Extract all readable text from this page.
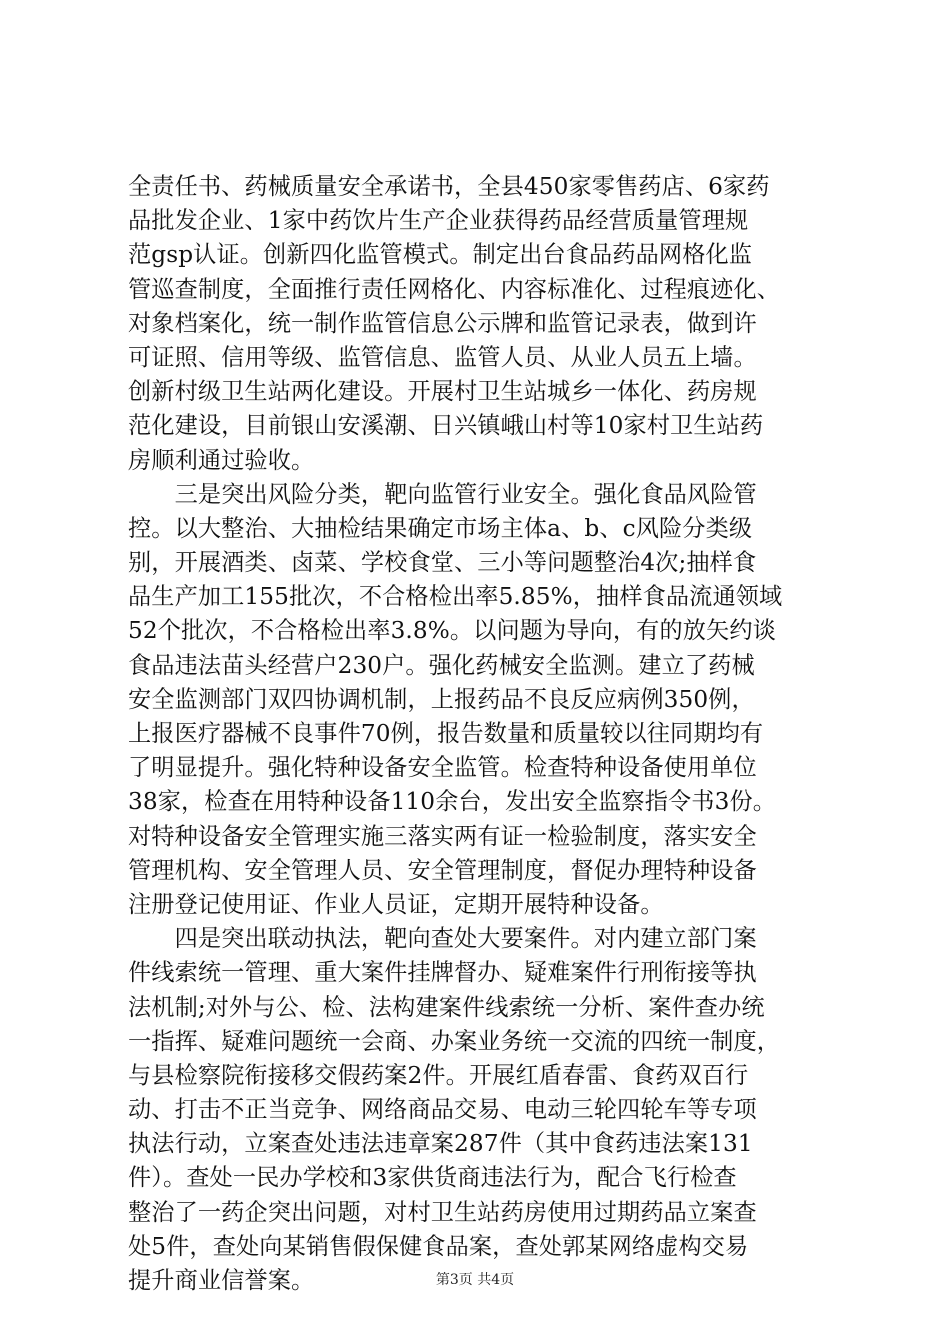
全责任书、药械质量安全承诺书，全县450家零售药店、6家药
品批发企业、1家中药饮片生产企业获得药品经营质量管理规
范gsp认证。创新四化监管模式。制定出台食品药品网格化监
管巡查制度，全面推行责任网格化、内容标准化、过程痕迹化、
对象档案化，统一制作监管信息公示牌和监管记录表，做到许
可证照、信用等级、监管信息、监管人员、从业人员五上墙。
创新村级卫生站两化建设。开展村卫生站城乡一体化、药房规
范化建设，目前银山安溪潮、日兴镇峨山村等10家村卫生站药
房顺利通过验收。
　　三是突出风险分类，靶向监管行业安全。强化食品风险管
控。以大整治、大抽检结果确定市场主体a、b、c风险分类级
别，开展酒类、卤菜、学校食堂、三小等问题整治4次;抽样食
品生产加工155批次，不合格检出率5.85%，抽样食品流通领域
52个批次，不合格检出率3.8%。以问题为导向，有的放矢约谈
食品违法苗头经营户230户。强化药械安全监测。建立了药械
安全监测部门双四协调机制，上报药品不良反应病例350例，
上报医疗器械不良事件70例，报告数量和质量较以往同期均有
了明显提升。强化特种设备安全监管。检查特种设备使用单位
38家，检查在用特种设备110余台，发出安全监察指令书3份。
对特种设备安全管理实施三落实两有证一检验制度，落实安全
管理机构、安全管理人员、安全管理制度，督促办理特种设备
注册登记使用证、作业人员证，定期开展特种设备。
　　四是突出联动执法，靶向查处大要案件。对内建立部门案
件线索统一管理、重大案件挂牌督办、疑难案件行刑衔接等执
法机制;对外与公、检、法构建案件线索统一分析、案件查办统
一指挥、疑难问题统一会商、办案业务统一交流的四统一制度，
与县检察院衔接移交假药案2件。开展红盾春雷、食药双百行
动、打击不正当竞争、网络商品交易、电动三轮四轮车等专项
执法行动，立案查处违法违章案287件（其中食药违法案131
件）。查处一民办学校和3家供货商违法行为，配合飞行检查
整治了一药企突出问题，对村卫生站药房使用过期药品立案查
处5件，查处向某销售假保健食品案，查处郭某网络虚构交易
提升商业信誉案。	第3页 共4页
